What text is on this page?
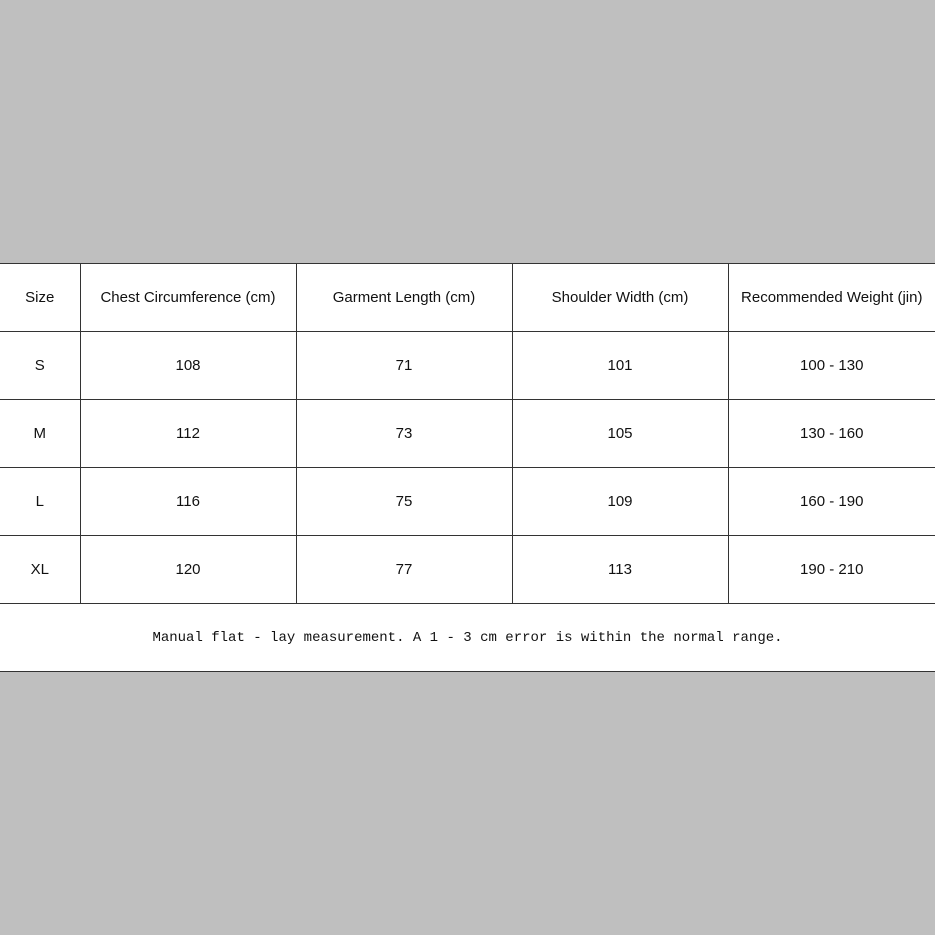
Size	Chest Circumference (cm)	Garment Length (cm)	Shoulder Width (cm)	Recommended Weight (jin)
S	108	71	101	100 - 130
M	112	73	105	130 - 160
L	116	75	109	160 - 190
XL	120	77	113	190 - 210
Manual flat - lay measurement. A 1 - 3 cm error is within the normal range.
